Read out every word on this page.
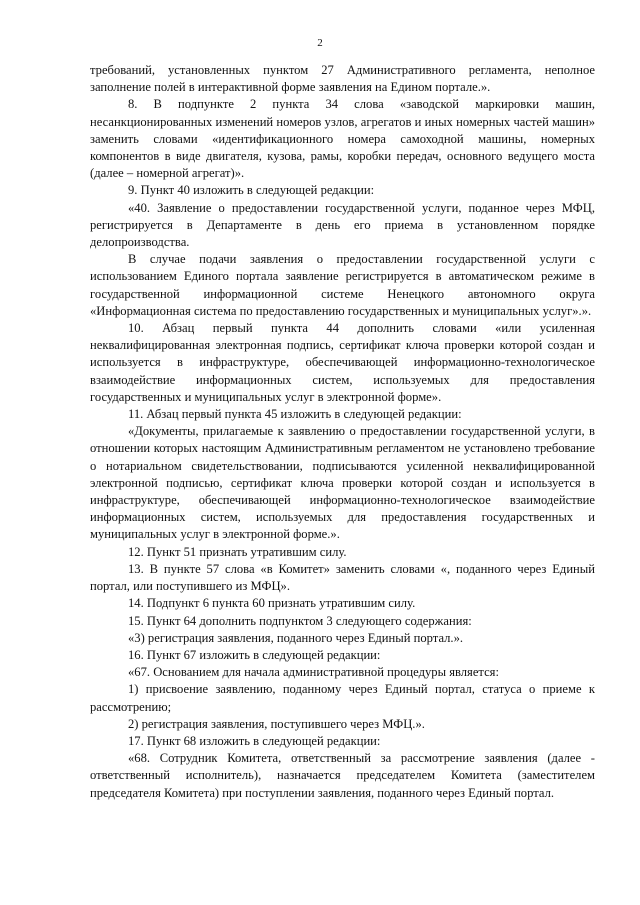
2

требований, установленных пунктом 27 Административного регламента, неполное заполнение полей в интерактивной форме заявления на Едином портале.».

8. В подпункте 2 пункта 34 слова «заводской маркировки машин, несанкционированных изменений номеров узлов, агрегатов и иных номерных частей машин» заменить словами «идентификационного номера самоходной машины, номерных компонентов в виде двигателя, кузова, рамы, коробки передач, основного ведущего моста (далее – номерной агрегат)».

9. Пункт 40 изложить в следующей редакции:

«40. Заявление о предоставлении государственной услуги, поданное через МФЦ, регистрируется в Департаменте в день его приема в установленном порядке делопроизводства.

В случае подачи заявления о предоставлении государственной услуги с использованием Единого портала заявление регистрируется в автоматическом режиме в государственной информационной системе Ненецкого автономного округа «Информационная система по предоставлению государственных и муниципальных услуг».».

10. Абзац первый пункта 44 дополнить словами «или усиленная неквалифицированная электронная подпись, сертификат ключа проверки которой создан и используется в инфраструктуре, обеспечивающей информационно-технологическое взаимодействие информационных систем, используемых для предоставления государственных и муниципальных услуг в электронной форме».

11. Абзац первый пункта 45 изложить в следующей редакции:

«Документы, прилагаемые к заявлению о предоставлении государственной услуги, в отношении которых настоящим Административным регламентом не установлено требование о нотариальном свидетельствовании, подписываются усиленной неквалифицированной электронной подписью, сертификат ключа проверки которой создан и используется в инфраструктуре, обеспечивающей информационно-технологическое взаимодействие информационных систем, используемых для предоставления государственных и муниципальных услуг в электронной форме.».

12. Пункт 51 признать утратившим силу.

13. В пункте 57 слова «в Комитет» заменить словами «, поданного через Единый портал, или поступившего из МФЦ».

14. Подпункт 6 пункта 60 признать утратившим силу.

15. Пункт 64 дополнить подпунктом 3 следующего содержания:

«3) регистрация заявления, поданного через Единый портал.».

16. Пункт 67 изложить в следующей редакции:

«67. Основанием для начала административной процедуры является:

1) присвоение заявлению, поданному через Единый портал, статуса о приеме к рассмотрению;

2) регистрация заявления, поступившего через МФЦ.».

17. Пункт 68 изложить в следующей редакции:

«68. Сотрудник Комитета, ответственный за рассмотрение заявления (далее - ответственный исполнитель), назначается председателем Комитета (заместителем председателя Комитета) при поступлении заявления, поданного через Единый портал.
